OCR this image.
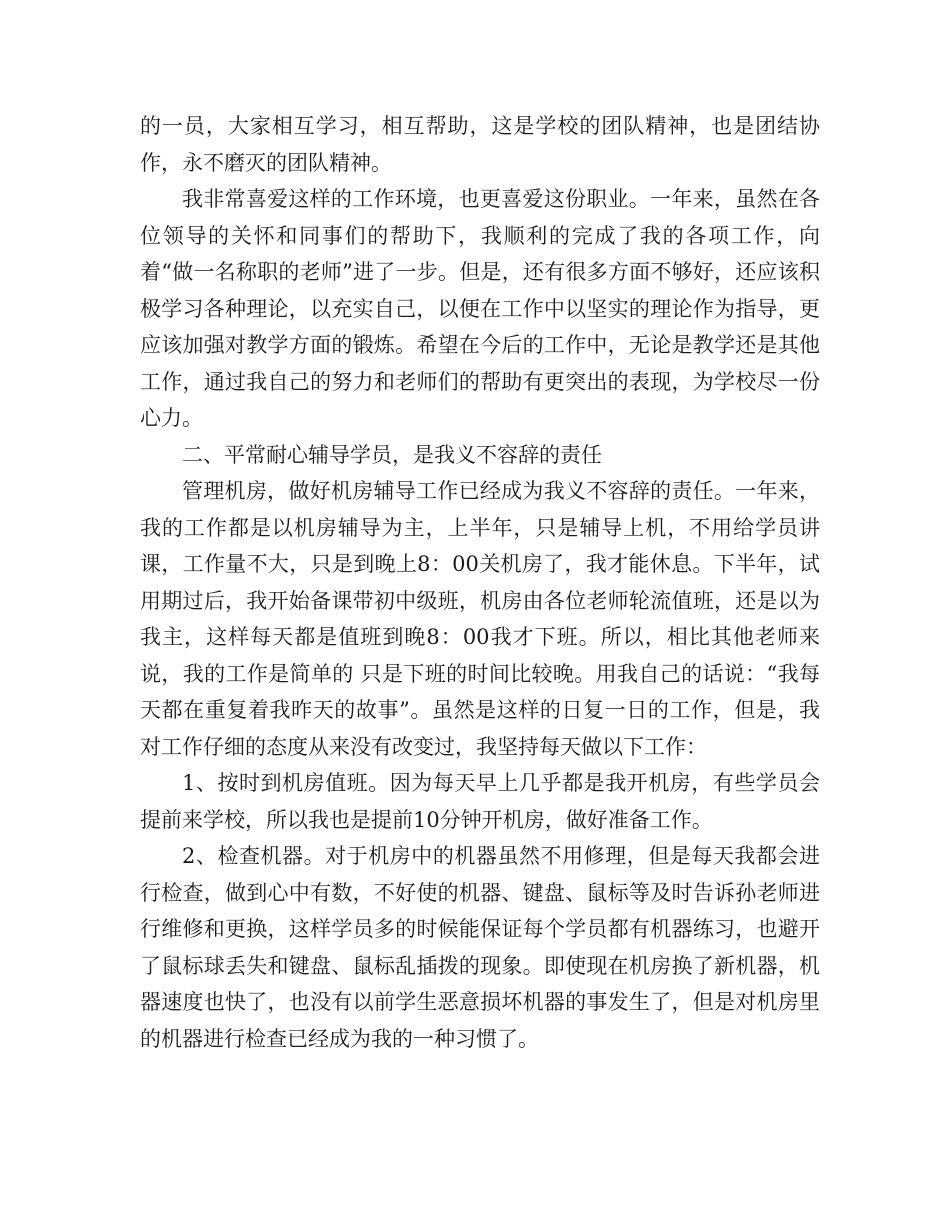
的一员，大家相互学习，相互帮助，这是学校的团队精神，也是团结协作，永不磨灭的团队精神。

我非常喜爱这样的工作环境，也更喜爱这份职业。一年来，虽然在各位领导的关怀和同事们的帮助下，我顺利的完成了我的各项工作，向着“做一名称职的老师”进了一步。但是，还有很多方面不够好，还应该积极学习各种理论，以充实自己，以便在工作中以坚实的理论作为指导，更应该加强对教学方面的锻炼。希望在今后的工作中，无论是教学还是其他工作，通过我自己的努力和老师们的帮助有更突出的表现，为学校尽一份心力。

二、平常耐心辅导学员，是我义不容辞的责任

管理机房，做好机房辅导工作已经成为我义不容辞的责任。一年来，我的工作都是以机房辅导为主，上半年，只是辅导上机，不用给学员讲课，工作量不大，只是到晚上8：00关机房了，我才能休息。下半年，试用期过后，我开始备课带初中级班，机房由各位老师轮流值班，还是以为我主，这样每天都是值班到晚8：00我才下班。所以，相比其他老师来说，我的工作是简单的 只是下班的时间比较晚。用我自己的话说：“我每天都在重复着我昨天的故事”。虽然是这样的日复一日的工作，但是，我对工作仔细的态度从来没有改变过，我坚持每天做以下工作：

1、按时到机房值班。因为每天早上几乎都是我开机房，有些学员会提前来学校，所以我也是提前10分钟开机房，做好准备工作。

2、检查机器。对于机房中的机器虽然不用修理，但是每天我都会进行检查，做到心中有数，不好使的机器、键盘、鼠标等及时告诉孙老师进行维修和更换，这样学员多的时候能保证每个学员都有机器练习，也避开了鼠标球丢失和键盘、鼠标乱插拨的现象。即使现在机房换了新机器，机器速度也快了，也没有以前学生恶意损坏机器的事发生了，但是对机房里的机器进行检查已经成为我的一种习惯了。
